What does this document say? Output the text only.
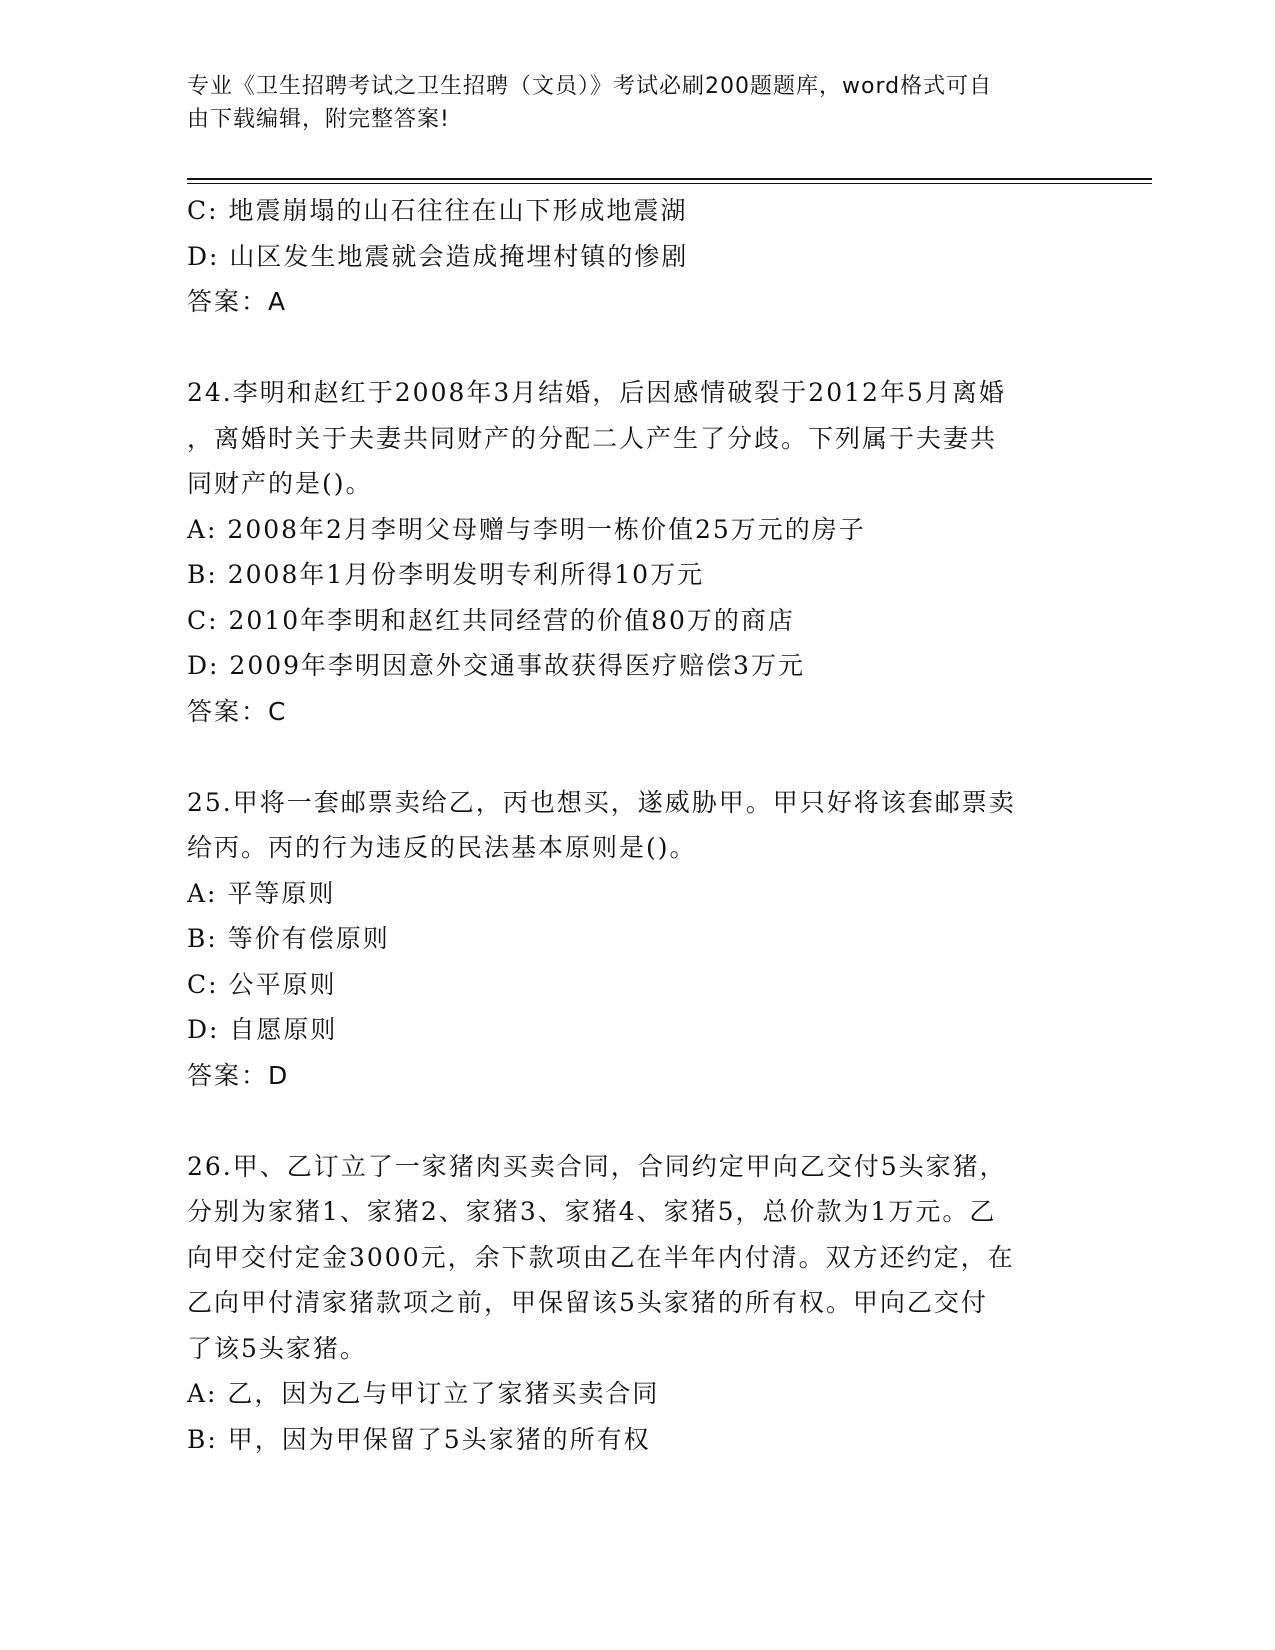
专业《卫生招聘考试之卫生招聘（文员）》考试必刷200题题库，word格式可自
由下载编辑，附完整答案!
C: 地震崩塌的山石往往在山下形成地震湖
D: 山区发生地震就会造成掩埋村镇的惨剧
答案：A
24.李明和赵红于2008年3月结婚，后因感情破裂于2012年5月离婚
，离婚时关于夫妻共同财产的分配二人产生了分歧。下列属于夫妻共
同财产的是()。
A: 2008年2月李明父母赠与李明一栋价值25万元的房子
B: 2008年1月份李明发明专利所得10万元
C: 2010年李明和赵红共同经营的价值80万的商店
D: 2009年李明因意外交通事故获得医疗赔偿3万元
答案：C
25.甲将一套邮票卖给乙，丙也想买，遂威胁甲。甲只好将该套邮票卖
给丙。丙的行为违反的民法基本原则是()。
A: 平等原则
B: 等价有偿原则
C: 公平原则
D: 自愿原则
答案：D
26.甲、乙订立了一家猪肉买卖合同，合同约定甲向乙交付5头家猪，
分别为家猪1、家猪2、家猪3、家猪4、家猪5，总价款为1万元。乙
向甲交付定金3000元，余下款项由乙在半年内付清。双方还约定，在
乙向甲付清家猪款项之前，甲保留该5头家猪的所有权。甲向乙交付
了该5头家猪。
A: 乙，因为乙与甲订立了家猪买卖合同
B: 甲，因为甲保留了5头家猪的所有权
